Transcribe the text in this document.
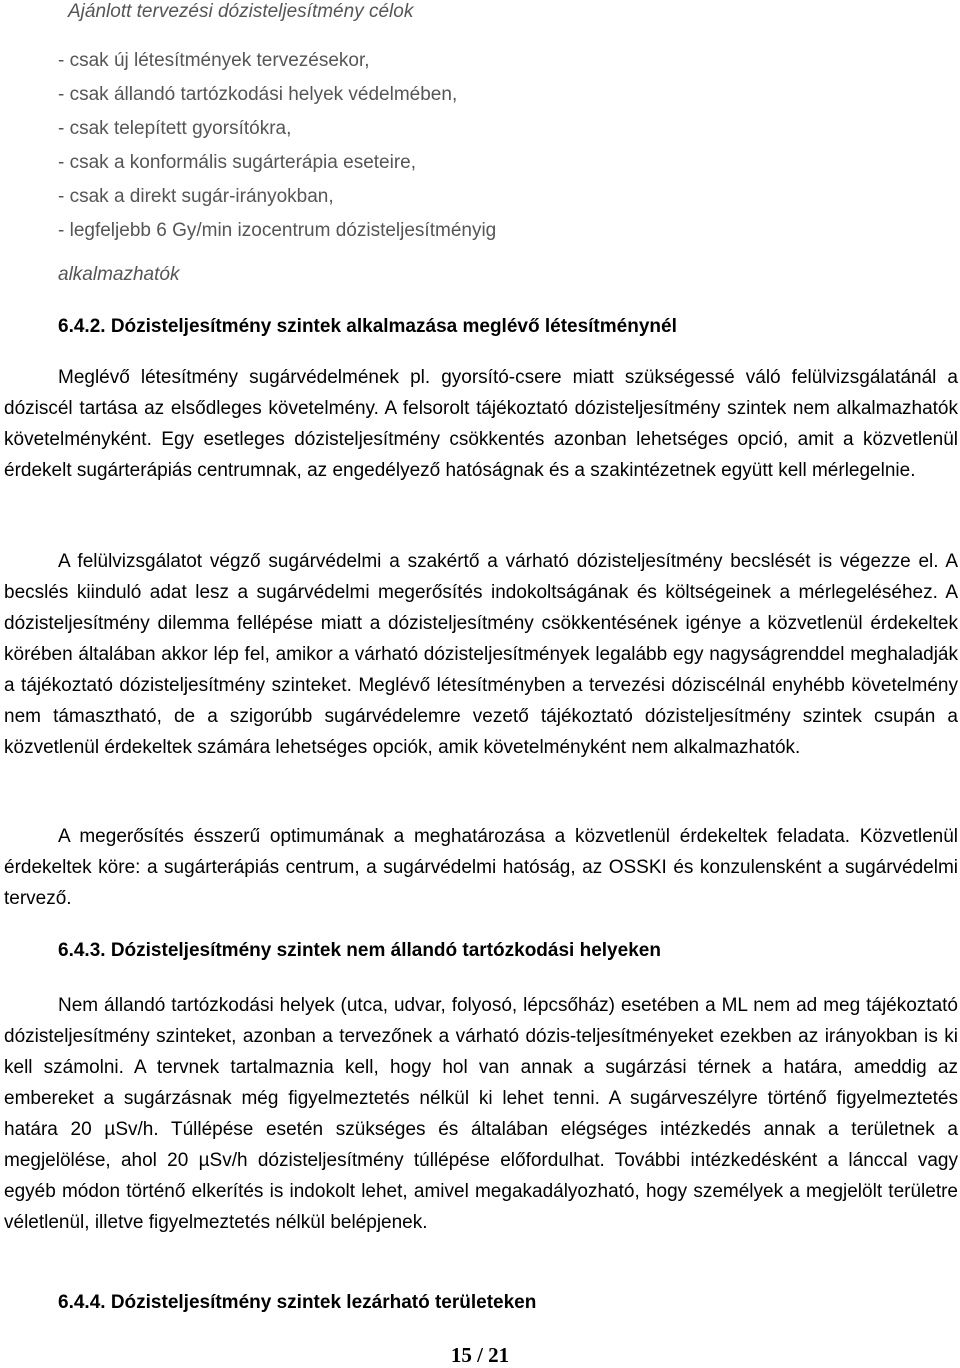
Ajánlott tervezési dózisteljesítmény célok

- csak új létesítmények tervezésekor,
- csak állandó tartózkodási helyek védelmében,
- csak telepített gyorsítókra,
- csak a konformális sugárterápia eseteire,
- csak a direkt sugár-irányokban,
- legfeljebb 6 Gy/min izocentrum dózisteljesítményig

alkalmazhatók

6.4.2. Dózisteljesítmény szintek alkalmazása meglévő létesítménynél

Meglévő létesítmény sugárvédelmének pl. gyorsító-csere miatt szükségessé váló felülvizsgálatánál a dóziscél tartása az elsődleges követelmény. A felsorolt tájékoztató dózisteljesítmény szintek nem alkalmazhatók követelményként. Egy esetleges dózisteljesítmény csökkentés azonban lehetséges opció, amit a közvetlenül érdekelt sugárterápiás centrumnak, az engedélyező hatóságnak és a szakintézetnek együtt kell mérlegelnie.

A felülvizsgálatot végző sugárvédelmi a szakértő a várható dózisteljesítmény becslését is végezze el. A becslés kiinduló adat lesz a sugárvédelmi megerősítés indokoltságának és költségeinek a mérlegeléséhez. A dózisteljesítmény dilemma fellépése miatt a dózisteljesítmény csökkentésének igénye a közvetlenül érdekeltek körében általában akkor lép fel, amikor a várható dózisteljesítmények legalább egy nagyságrenddel meghaladják a tájékoztató dózisteljesítmény szinteket. Meglévő létesítményben a tervezési dóziscélnál enyhébb követelmény nem támasztható, de a szigorúbb sugárvédelemre vezető tájékoztató dózisteljesítmény szintek csupán a közvetlenül érdekeltek számára lehetséges opciók, amik követelményként nem alkalmazhatók.

A megerősítés ésszerű optimumának a meghatározása a közvetlenül érdekeltek feladata. Közvetlenül érdekeltek köre: a sugárterápiás centrum, a sugárvédelmi hatóság, az OSSKI és konzulensként a sugárvédelmi tervező.

6.4.3. Dózisteljesítmény szintek nem állandó tartózkodási helyeken

Nem állandó tartózkodási helyek (utca, udvar, folyosó, lépcsőház) esetében a ML nem ad meg tájékoztató dózisteljesítmény szinteket, azonban a tervezőnek a várható dózis-teljesítményeket ezekben az irányokban is ki kell számolni. A tervnek tartalmaznia kell, hogy hol van annak a sugárzási térnek a határa, ameddig az embereket a sugárzásnak még figyelmeztetés nélkül ki lehet tenni. A sugárveszélyre történő figyelmeztetés határa 20 µSv/h. Túllépése esetén szükséges és általában elégséges intézkedés annak a területnek a megjelölése, ahol 20 µSv/h dózisteljesítmény túllépése előfordulhat. További intézkedésként a lánccal vagy egyéb módon történő elkerítés is indokolt lehet, amivel megakadályozható, hogy személyek a megjelölt területre véletlenül, illetve figyelmeztetés nélkül belépjenek.

6.4.4. Dózisteljesítmény szintek lezárható területeken
15 / 21
